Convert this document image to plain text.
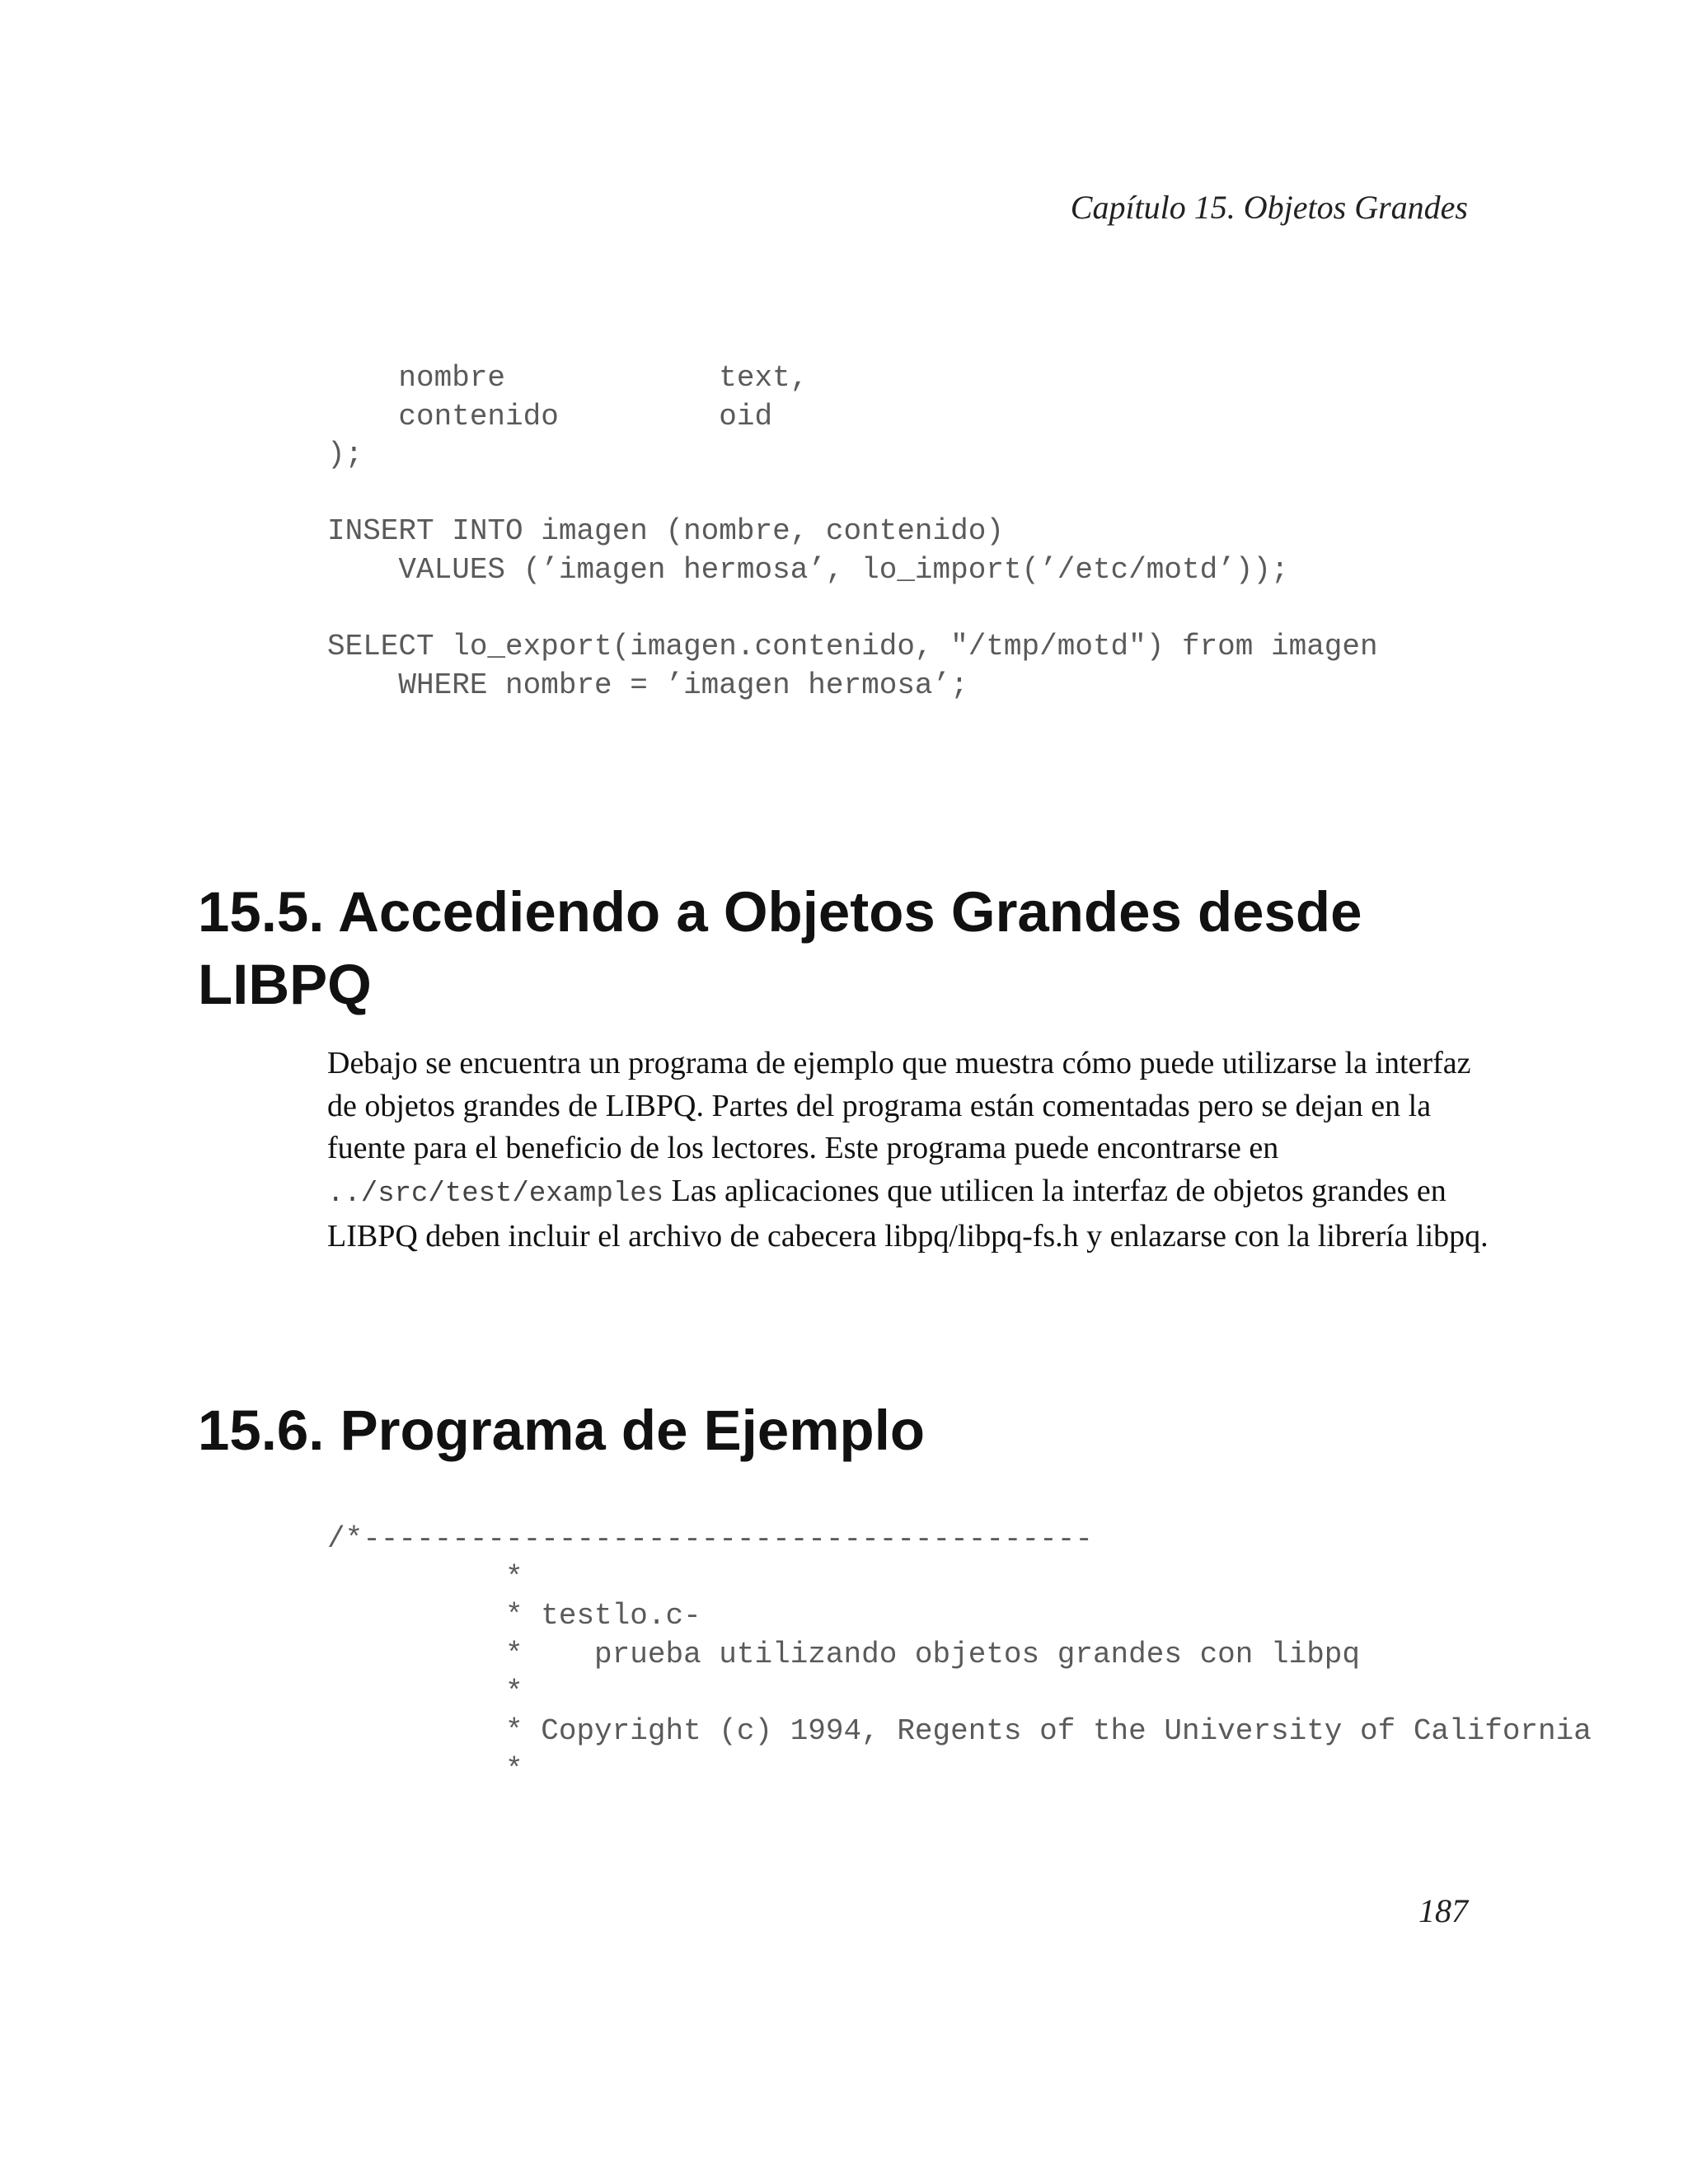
Capítulo 15. Objetos Grandes
nombre            text,
contenido         oid
);

INSERT INTO imagen (nombre, contenido)
VALUES (’imagen hermosa’, lo_import(’/etc/motd’));

SELECT lo_export(imagen.contenido, "/tmp/motd") from imagen
WHERE nombre = ’imagen hermosa’;
15.5. Accediendo a Objetos Grandes desde LIBPQ
Debajo se encuentra un programa de ejemplo que muestra cómo puede utilizarse la interfaz de objetos grandes de LIBPQ. Partes del programa están comentadas pero se dejan en la fuente para el beneficio de los lectores. Este programa puede encontrarse en ../src/test/examples Las aplicaciones que utilicen la interfaz de objetos grandes en LIBPQ deben incluir el archivo de cabecera libpq/libpq-fs.h y enlazarse con la librería libpq.
15.6. Programa de Ejemplo
/*-----------------------------------------
*
* testlo.c-
*    prueba utilizando objetos grandes con libpq
*
* Copyright (c) 1994, Regents of the University of California
*
187
